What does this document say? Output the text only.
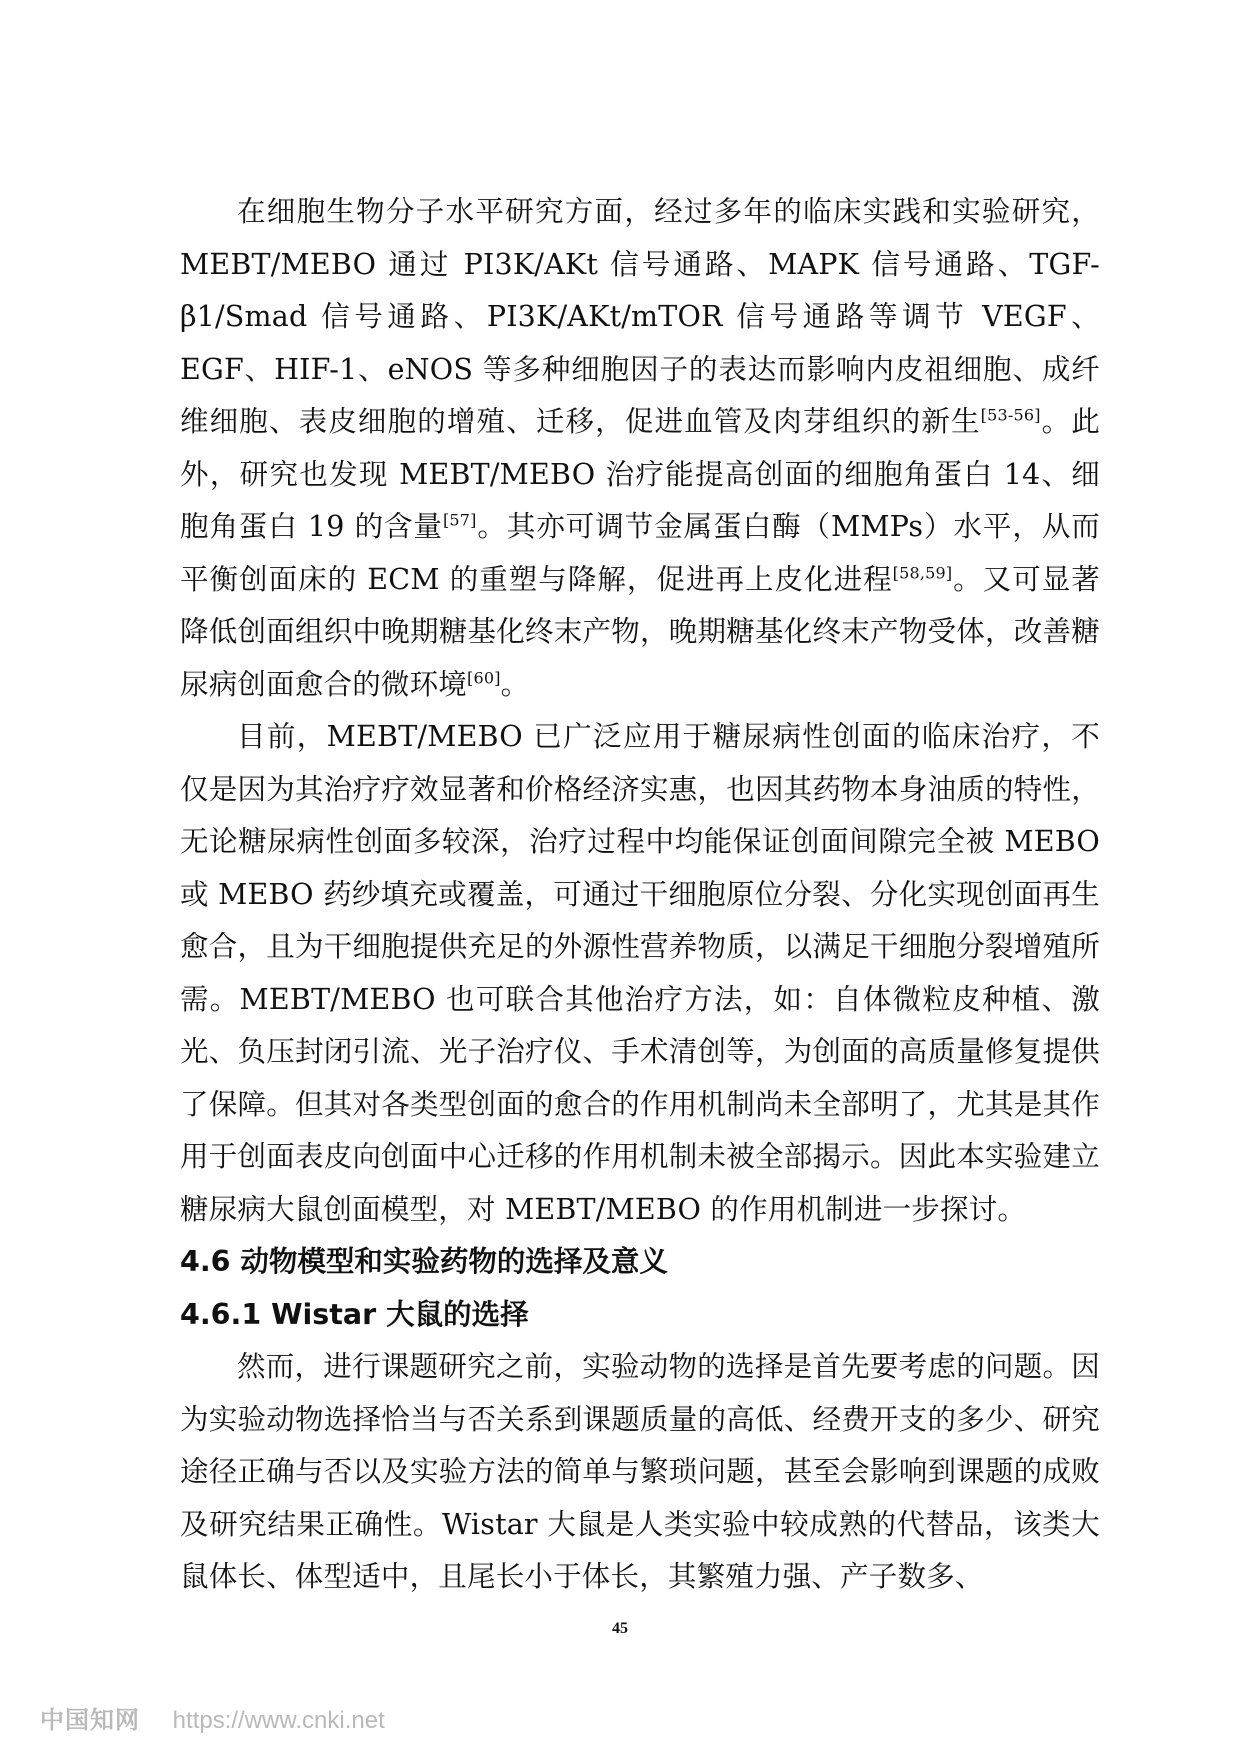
在细胞生物分子水平研究方面，经过多年的临床实践和实验研究，MEBT/MEBO 通过 PI3K/AKt 信号通路、MAPK 信号通路、TGF-β1/Smad 信号通路、PI3K/AKt/mTOR 信号通路等调节 VEGF、EGF、HIF-1、eNOS 等多种细胞因子的表达而影响内皮祖细胞、成纤维细胞、表皮细胞的增殖、迁移，促进血管及肉芽组织的新生[53-56]。此外，研究也发现 MEBT/MEBO 治疗能提高创面的细胞角蛋白 14、细胞角蛋白 19 的含量[57]。其亦可调节金属蛋白酶（MMPs）水平，从而平衡创面床的 ECM 的重塑与降解，促进再上皮化进程[58,59]。又可显著降低创面组织中晚期糖基化终末产物，晚期糖基化终末产物受体，改善糖尿病创面愈合的微环境[60]。

目前，MEBT/MEBO 已广泛应用于糖尿病性创面的临床治疗，不仅是因为其治疗疗效显著和价格经济实惠，也因其药物本身油质的特性，无论糖尿病性创面多较深，治疗过程中均能保证创面间隙完全被 MEBO 或 MEBO 药纱填充或覆盖，可通过干细胞原位分裂、分化实现创面再生愈合，且为干细胞提供充足的外源性营养物质，以满足干细胞分裂增殖所需。MEBT/MEBO 也可联合其他治疗方法，如：自体微粒皮种植、激光、负压封闭引流、光子治疗仪、手术清创等，为创面的高质量修复提供了保障。但其对各类型创面的愈合的作用机制尚未全部明了，尤其是其作用于创面表皮向创面中心迁移的作用机制未被全部揭示。因此本实验建立糖尿病大鼠创面模型，对 MEBT/MEBO 的作用机制进一步探讨。

4.6 动物模型和实验药物的选择及意义
4.6.1 Wistar 大鼠的选择

然而，进行课题研究之前，实验动物的选择是首先要考虑的问题。因为实验动物选择恰当与否关系到课题质量的高低、经费开支的多少、研究途径正确与否以及实验方法的简单与繁琐问题，甚至会影响到课题的成败及研究结果正确性。Wistar 大鼠是人类实验中较成熟的代替品，该类大鼠体长、体型适中，且尾长小于体长，其繁殖力强、产子数多、

45
中国知网 https://www.cnki.net
